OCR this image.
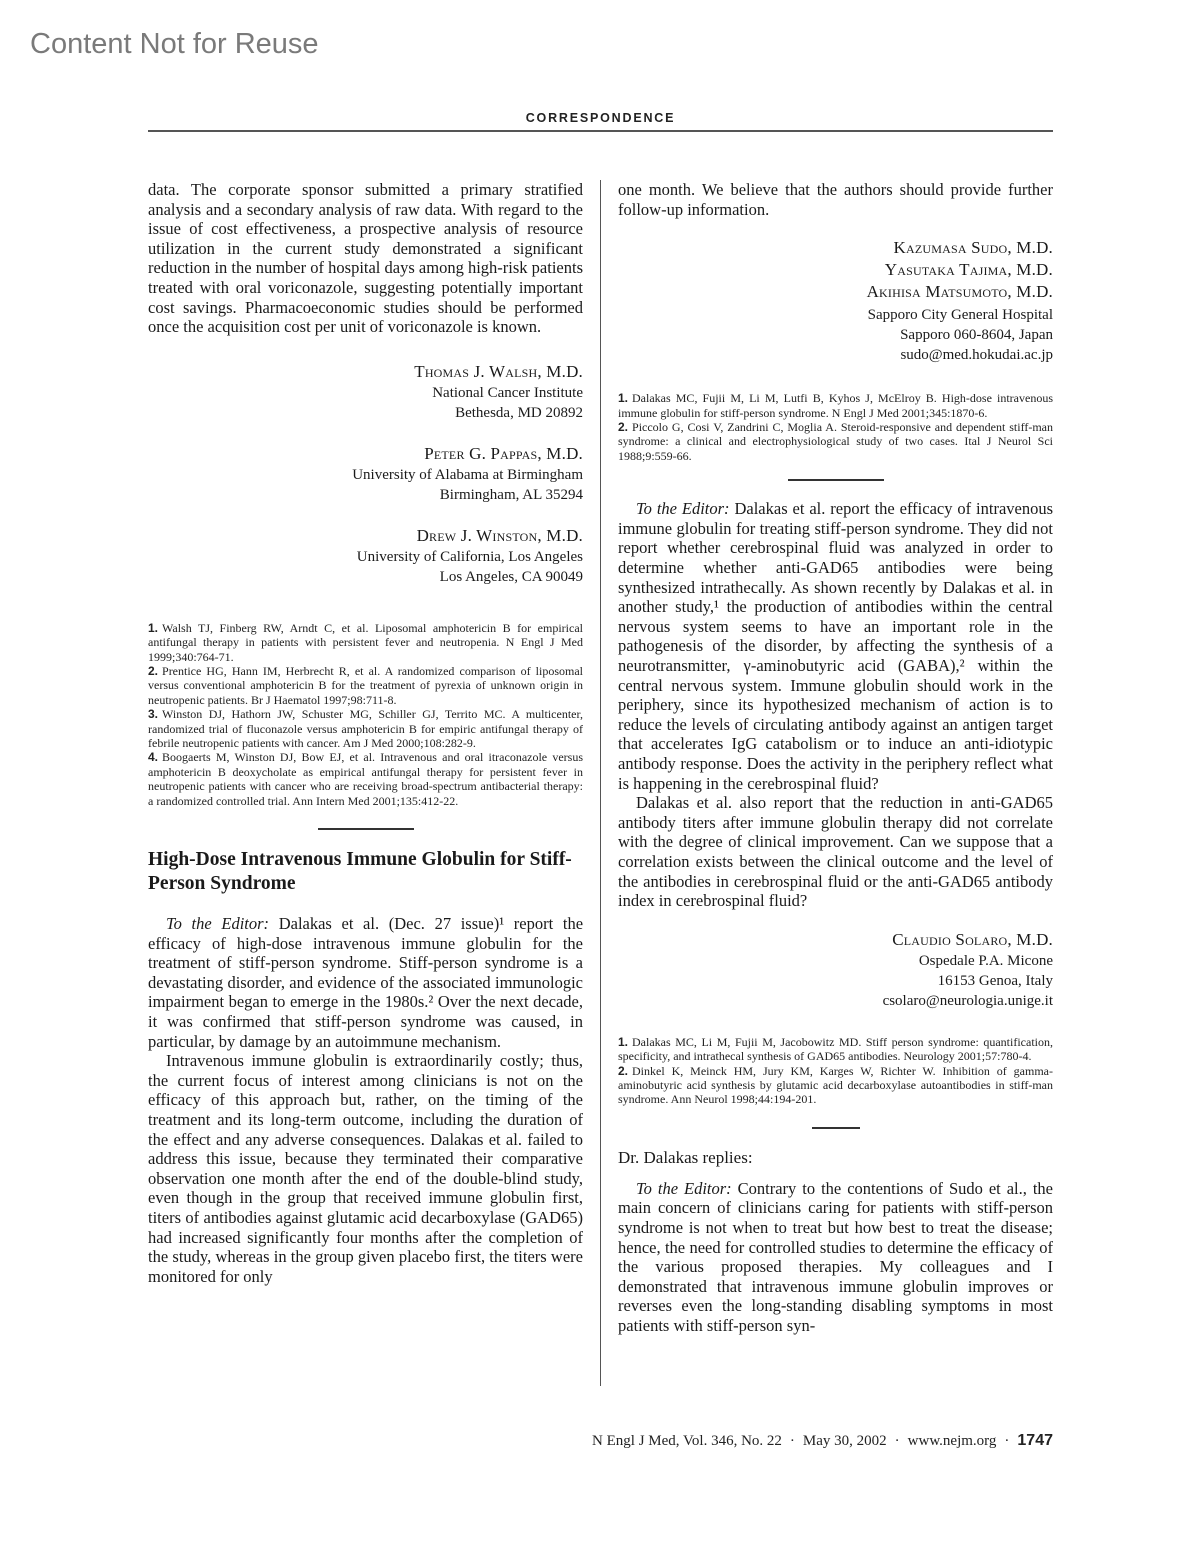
Content Not for Reuse
CORRESPONDENCE

data. The corporate sponsor submitted a primary stratified analysis and a secondary analysis of raw data. With regard to the issue of cost effectiveness, a prospective analysis of resource utilization in the current study demonstrated a significant reduction in the number of hospital days among high-risk patients treated with oral voriconazole, suggesting potentially important cost savings. Pharmacoeconomic studies should be performed once the acquisition cost per unit of voriconazole is known.

Thomas J. Walsh, M.D.
National Cancer Institute
Bethesda, MD 20892
Peter G. Pappas, M.D.
University of Alabama at Birmingham
Birmingham, AL 35294
Drew J. Winston, M.D.
University of California, Los Angeles
Los Angeles, CA 90049
1. Walsh TJ, Finberg RW, Arndt C, et al. Liposomal amphotericin B for empirical antifungal therapy in patients with persistent fever and neutropenia. N Engl J Med 1999;340:764-71.
2. Prentice HG, Hann IM, Herbrecht R, et al. A randomized comparison of liposomal versus conventional amphotericin B for the treatment of pyrexia of unknown origin in neutropenic patients. Br J Haematol 1997;98:711-8.
3. Winston DJ, Hathorn JW, Schuster MG, Schiller GJ, Territo MC. A multicenter, randomized trial of fluconazole versus amphotericin B for empiric antifungal therapy of febrile neutropenic patients with cancer. Am J Med 2000;108:282-9.
4. Boogaerts M, Winston DJ, Bow EJ, et al. Intravenous and oral itraconazole versus amphotericin B deoxycholate as empirical antifungal therapy for persistent fever in neutropenic patients with cancer who are receiving broad-spectrum antibacterial therapy: a randomized controlled trial. Ann Intern Med 2001;135:412-22.
High-Dose Intravenous Immune Globulin for Stiff-Person Syndrome

To the Editor: Dalakas et al. (Dec. 27 issue)¹ report the efficacy of high-dose intravenous immune globulin for the treatment of stiff-person syndrome. Stiff-person syndrome is a devastating disorder, and evidence of the associated immunologic impairment began to emerge in the 1980s.² Over the next decade, it was confirmed that stiff-person syndrome was caused, in particular, by damage by an autoimmune mechanism.

Intravenous immune globulin is extraordinarily costly; thus, the current focus of interest among clinicians is not on the efficacy of this approach but, rather, on the timing of the treatment and its long-term outcome, including the duration of the effect and any adverse consequences. Dalakas et al. failed to address this issue, because they terminated their comparative observation one month after the end of the double-blind study, even though in the group that received immune globulin first, titers of antibodies against glutamic acid decarboxylase (GAD65) had increased significantly four months after the completion of the study, whereas in the group given placebo first, the titers were monitored for only

one month. We believe that the authors should provide further follow-up information.

Kazumasa Sudo, M.D.
Yasutaka Tajima, M.D.
Akihisa Matsumoto, M.D.
Sapporo City General Hospital
Sapporo 060-8604, Japan
sudo@med.hokudai.ac.jp
1. Dalakas MC, Fujii M, Li M, Lutfi B, Kyhos J, McElroy B. High-dose intravenous immune globulin for stiff-person syndrome. N Engl J Med 2001;345:1870-6.
2. Piccolo G, Cosi V, Zandrini C, Moglia A. Steroid-responsive and dependent stiff-man syndrome: a clinical and electrophysiological study of two cases. Ital J Neurol Sci 1988;9:559-66.

To the Editor: Dalakas et al. report the efficacy of intravenous immune globulin for treating stiff-person syndrome. They did not report whether cerebrospinal fluid was analyzed in order to determine whether anti-GAD65 antibodies were being synthesized intrathecally. As shown recently by Dalakas et al. in another study,¹ the production of antibodies within the central nervous system seems to have an important role in the pathogenesis of the disorder, by affecting the synthesis of a neurotransmitter, γ-aminobutyric acid (GABA),² within the central nervous system. Immune globulin should work in the periphery, since its hypothesized mechanism of action is to reduce the levels of circulating antibody against an antigen target that accelerates IgG catabolism or to induce an anti-idiotypic antibody response. Does the activity in the periphery reflect what is happening in the cerebrospinal fluid?

Dalakas et al. also report that the reduction in anti-GAD65 antibody titers after immune globulin therapy did not correlate with the degree of clinical improvement. Can we suppose that a correlation exists between the clinical outcome and the level of the antibodies in cerebrospinal fluid or the anti-GAD65 antibody index in cerebrospinal fluid?

Claudio Solaro, M.D.
Ospedale P.A. Micone
16153 Genoa, Italy
csolaro@neurologia.unige.it
1. Dalakas MC, Li M, Fujii M, Jacobowitz MD. Stiff person syndrome: quantification, specificity, and intrathecal synthesis of GAD65 antibodies. Neurology 2001;57:780-4.
2. Dinkel K, Meinck HM, Jury KM, Karges W, Richter W. Inhibition of gamma-aminobutyric acid synthesis by glutamic acid decarboxylase autoantibodies in stiff-man syndrome. Ann Neurol 1998;44:194-201.

Dr. Dalakas replies:

To the Editor: Contrary to the contentions of Sudo et al., the main concern of clinicians caring for patients with stiff-person syndrome is not when to treat but how best to treat the disease; hence, the need for controlled studies to determine the efficacy of the various proposed therapies. My colleagues and I demonstrated that intravenous immune globulin improves or reverses even the long-standing disabling symptoms in most patients with stiff-person syn-

N Engl J Med, Vol. 346, No. 22 · May 30, 2002 · www.nejm.org · 1747
